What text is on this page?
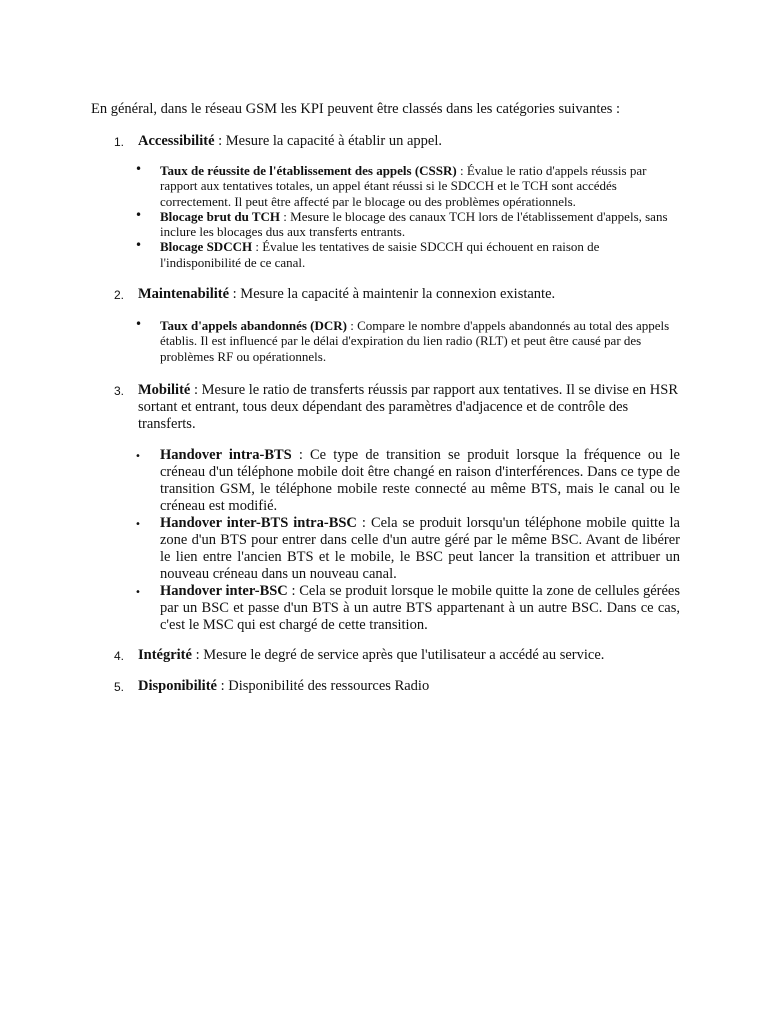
En général, dans le réseau GSM les KPI peuvent être classés dans les catégories suivantes :
1. Accessibilité : Mesure la capacité à établir un appel.
• Taux de réussite de l'établissement des appels (CSSR) : Évalue le ratio d'appels réussis par rapport aux tentatives totales, un appel étant réussi si le SDCCH et le TCH sont accédés correctement. Il peut être affecté par le blocage ou des problèmes opérationnels.
• Blocage brut du TCH : Mesure le blocage des canaux TCH lors de l'établissement d'appels, sans inclure les blocages dus aux transferts entrants.
• Blocage SDCCH : Évalue les tentatives de saisie SDCCH qui échouent en raison de l'indisponibilité de ce canal.
2. Maintenabilité : Mesure la capacité à maintenir la connexion existante.
• Taux d'appels abandonnés (DCR) : Compare le nombre d'appels abandonnés au total des appels établis. Il est influencé par le délai d'expiration du lien radio (RLT) et peut être causé par des problèmes RF ou opérationnels.
3. Mobilité : Mesure le ratio de transferts réussis par rapport aux tentatives. Il se divise en HSR sortant et entrant, tous deux dépendant des paramètres d'adjacence et de contrôle des transferts.
• Handover intra-BTS : Ce type de transition se produit lorsque la fréquence ou le créneau d'un téléphone mobile doit être changé en raison d'interférences. Dans ce type de transition GSM, le téléphone mobile reste connecté au même BTS, mais le canal ou le créneau est modifié.
• Handover inter-BTS intra-BSC : Cela se produit lorsqu'un téléphone mobile quitte la zone d'un BTS pour entrer dans celle d'un autre géré par le même BSC. Avant de libérer le lien entre l'ancien BTS et le mobile, le BSC peut lancer la transition et attribuer un nouveau créneau dans un nouveau canal.
• Handover inter-BSC : Cela se produit lorsque le mobile quitte la zone de cellules gérées par un BSC et passe d'un BTS à un autre BTS appartenant à un autre BSC. Dans ce cas, c'est le MSC qui est chargé de cette transition.
4. Intégrité : Mesure le degré de service après que l'utilisateur a accédé au service.
5. Disponibilité : Disponibilité des ressources Radio
